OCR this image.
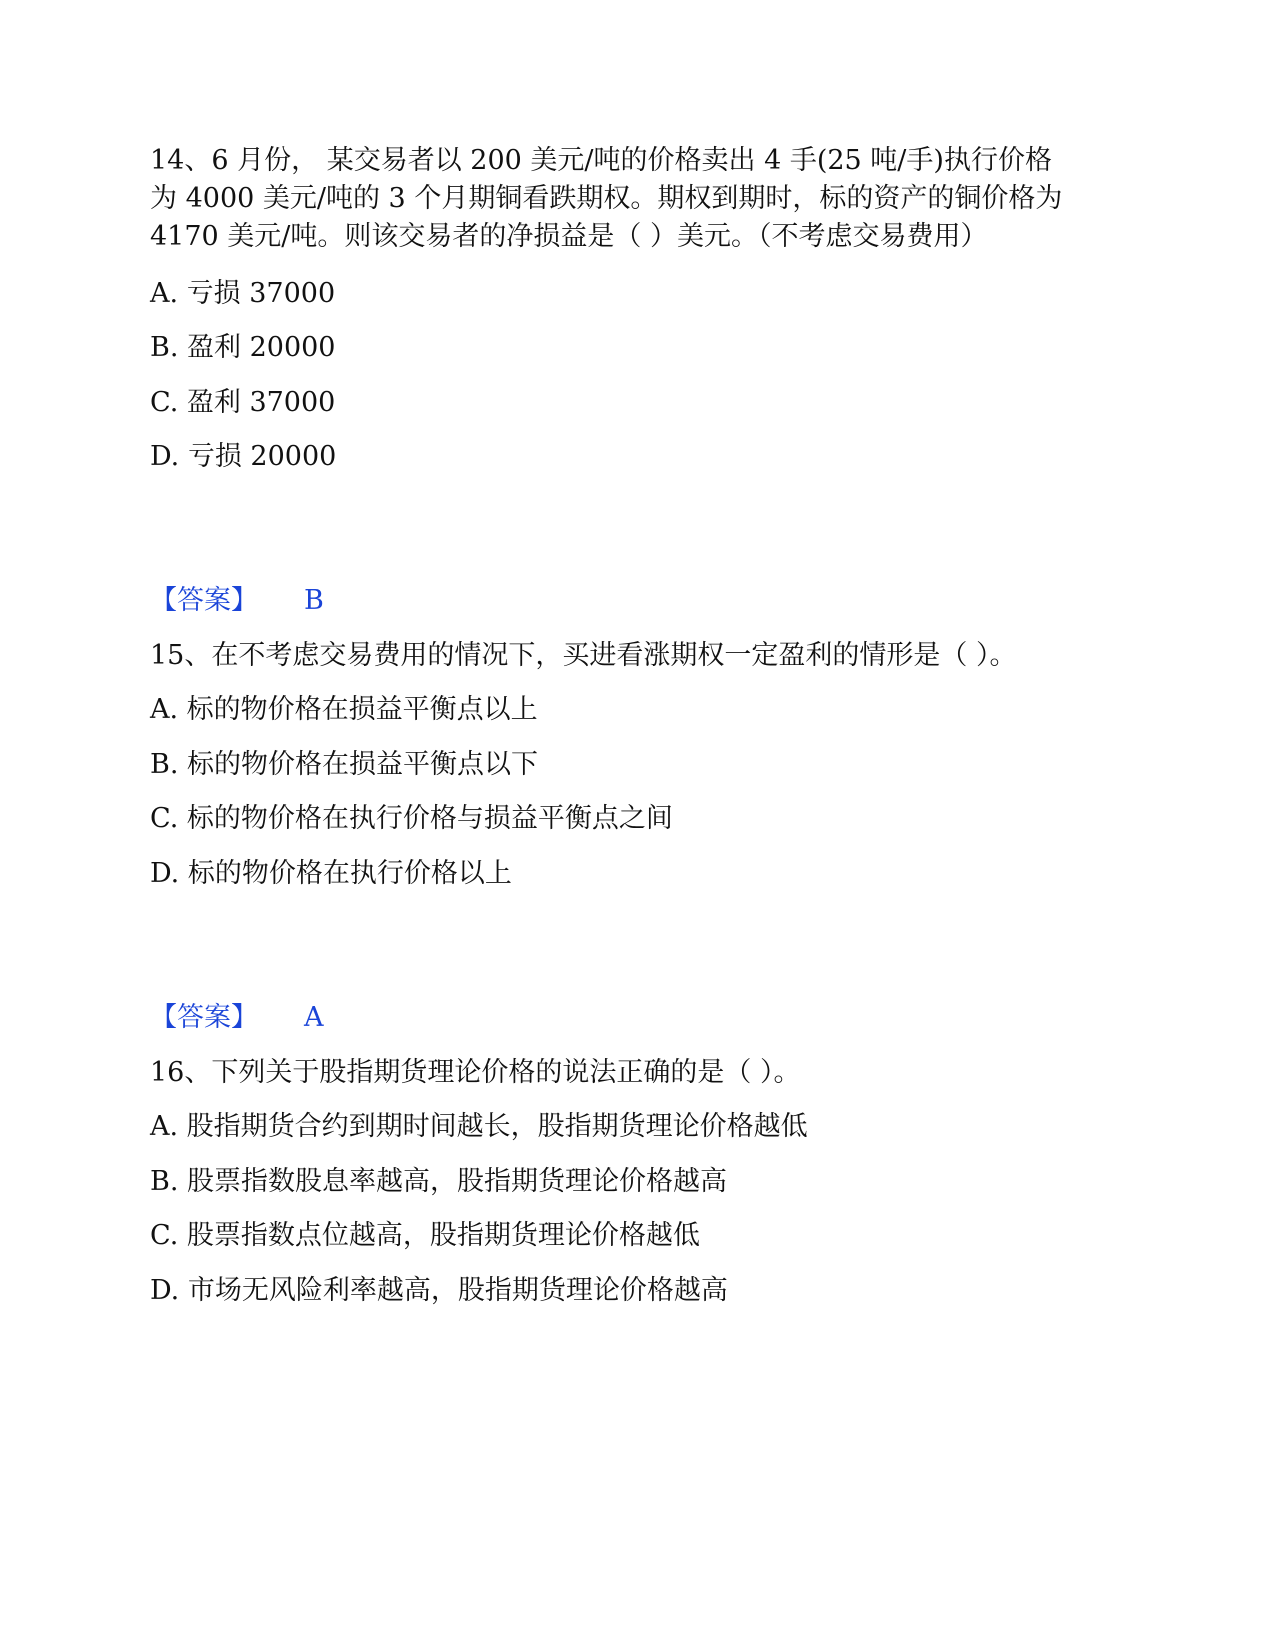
14、6 月份， 某交易者以 200 美元/吨的价格卖出 4 手(25 吨/手)执行价格
为 4000 美元/吨的 3 个月期铜看跌期权。期权到期时，标的资产的铜价格为
4170 美元/吨。则该交易者的净损益是（ ）美元。（不考虑交易费用）
A. 亏损 37000
B. 盈利 20000
C. 盈利 37000
D. 亏损 20000
【答案】 B
15、在不考虑交易费用的情况下，买进看涨期权一定盈利的情形是（ ）。
A. 标的物价格在损益平衡点以上
B. 标的物价格在损益平衡点以下
C. 标的物价格在执行价格与损益平衡点之间
D. 标的物价格在执行价格以上
【答案】 A
16、下列关于股指期货理论价格的说法正确的是（ ）。
A. 股指期货合约到期时间越长，股指期货理论价格越低
B. 股票指数股息率越高，股指期货理论价格越高
C. 股票指数点位越高，股指期货理论价格越低
D. 市场无风险利率越高，股指期货理论价格越高
